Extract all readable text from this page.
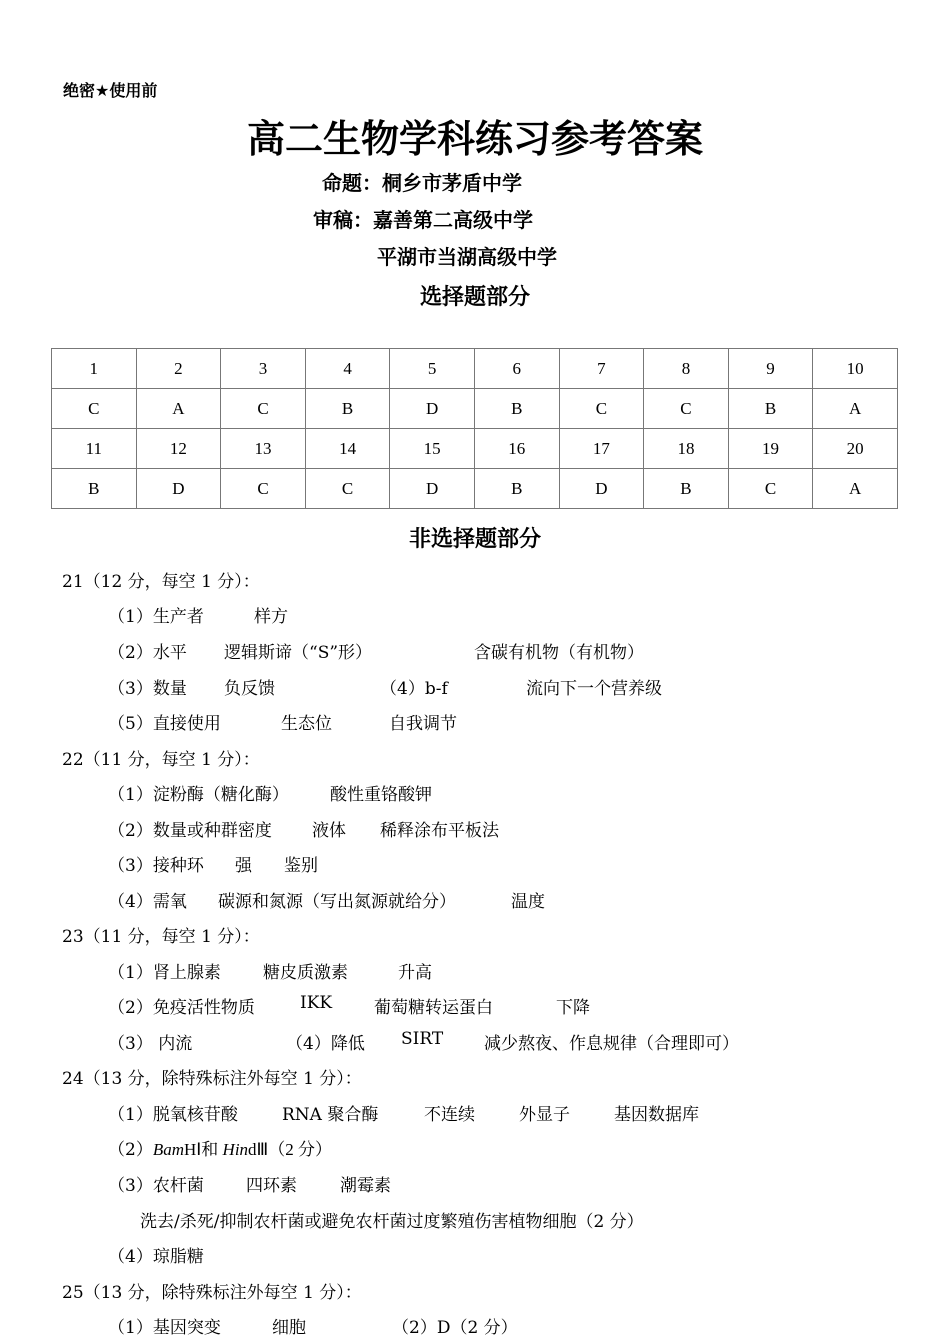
绝密★使用前
高二生物学科练习参考答案
命题：桐乡市茅盾中学
审稿：嘉善第二高级中学
平湖市当湖高级中学
选择题部分
1	2	3	4	5	6	7	8	9	10
C	A	C	B	D	B	C	C	B	A
11	12	13	14	15	16	17	18	19	20
B	D	C	C	D	B	D	B	C	A
非选择题部分
21（12 分，每空 1 分）：
（1）生产者	样方
（2）水平 逻辑斯谛（“S”形）	含碳有机物（有机物）
（3）数量 负反馈	（4）b-f	流向下一个营养级
（5）直接使用	生态位	自我调节
22（11 分，每空 1 分）：
（1）淀粉酶（糖化酶） 酸性重铬酸钾
（2）数量或种群密度 液体 稀释涂布平板法
（3）接种环 强 鉴别
（4）需氧 碳源和氮源（写出氮源就给分）	温度
23（11 分，每空 1 分）：
（1）肾上腺素 糖皮质激素	升高
（2）免疫活性物质	IKK 葡萄糖转运蛋白	下降
（3） 内流	（4）降低 SIRT 减少熬夜、作息规律（合理即可）
24（13 分，除特殊标注外每空 1 分）：
（1）脱氧核苷酸	RNA 聚合酶	不连续	外显子	基因数据库
（2）BamHⅠ和 HindⅢ（2 分）
（3）农杆菌 四环素	潮霉素
洗去/杀死/抑制农杆菌或避免农杆菌过度繁殖伤害植物细胞（2 分）
（4）琼脂糖
25（13 分，除特殊标注外每空 1 分）：
（1）基因突变	细胞	（2）D（2 分）
